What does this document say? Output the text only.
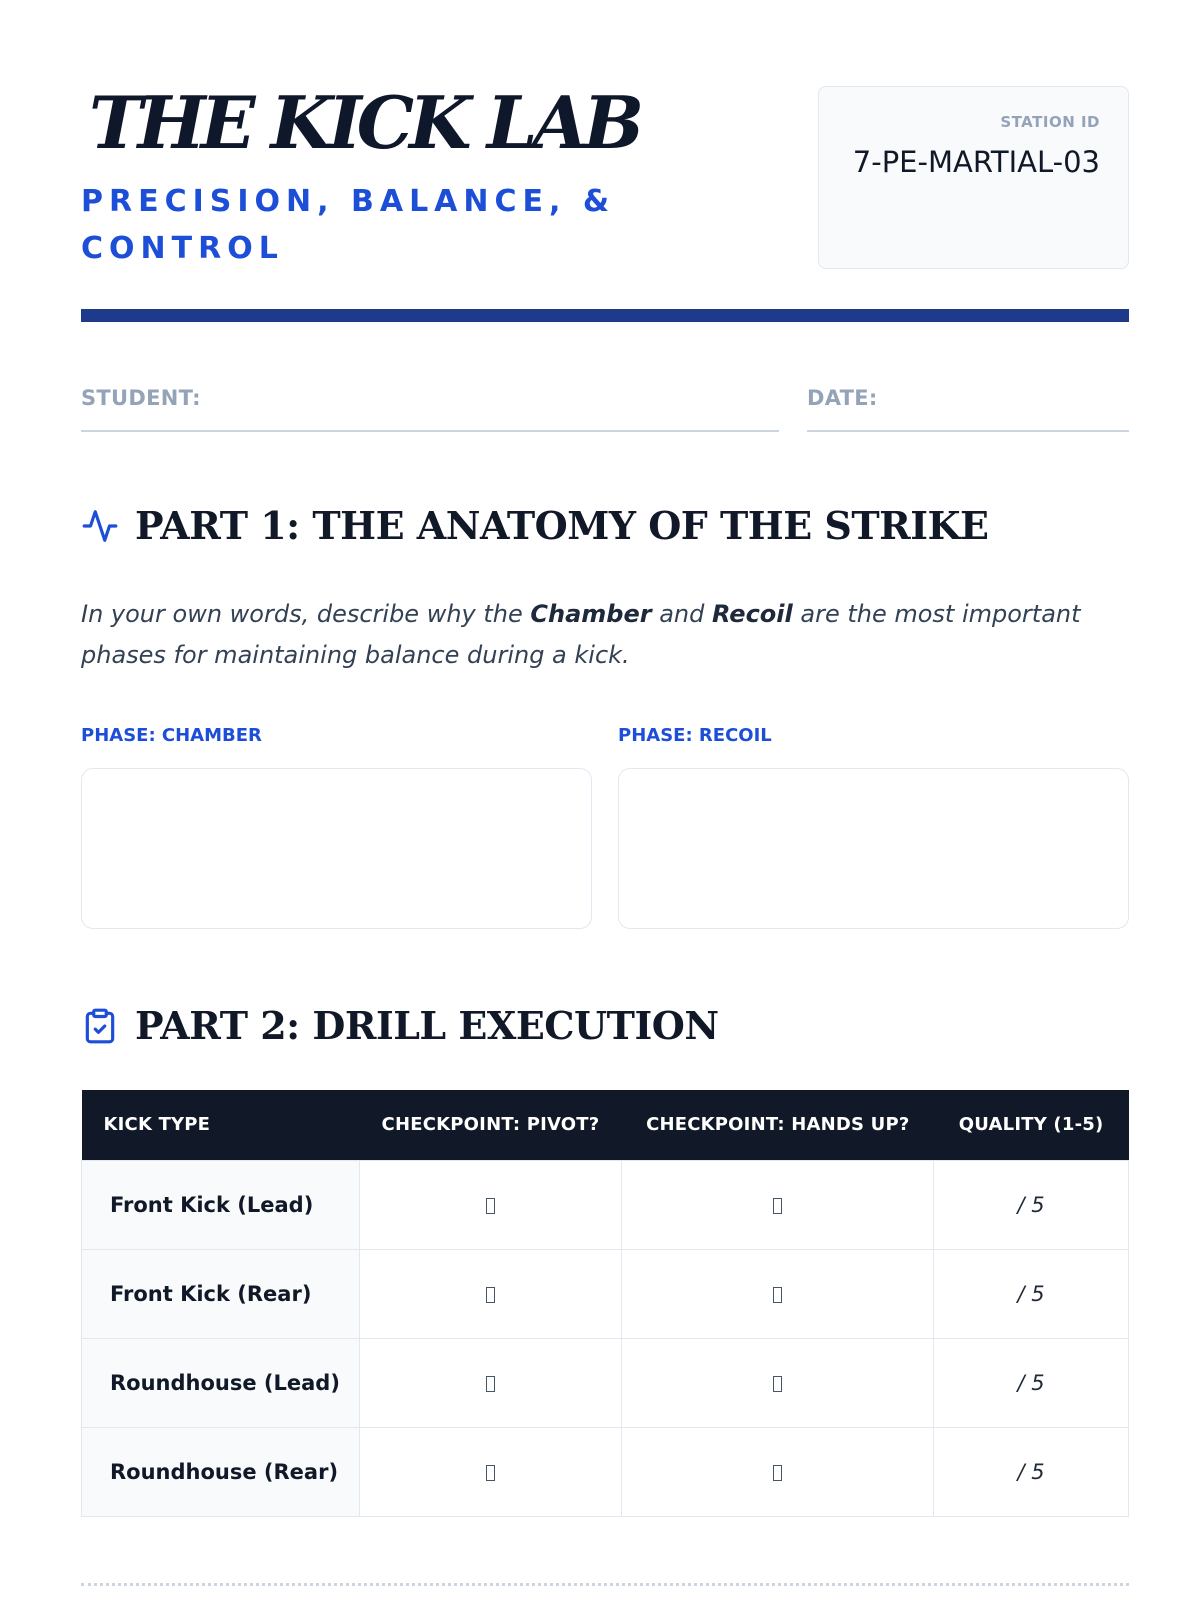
THE KICK LAB
PRECISION, BALANCE, & CONTROL
STATION ID
7-PE-MARTIAL-03
STUDENT:	DATE:
PART 1: THE ANATOMY OF THE STRIKE
In your own words, describe why the Chamber and Recoil are the most important phases for maintaining balance during a kick.
PHASE: CHAMBER	PHASE: RECOIL
PART 2: DRILL EXECUTION
KICK TYPE	CHECKPOINT: PIVOT?	CHECKPOINT: HANDS UP?	QUALITY (1-5)
Front Kick (Lead)			/ 5
Front Kick (Rear)			/ 5
Roundhouse (Lead)			/ 5
Roundhouse (Rear)			/ 5
